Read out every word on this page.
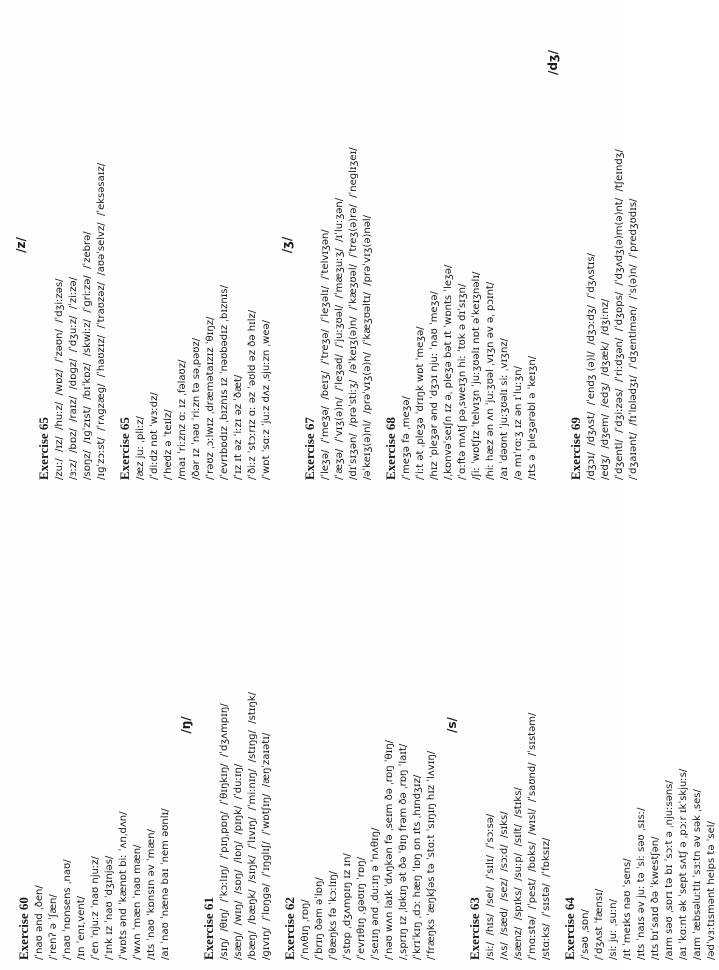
Exercise 60 /ˈnaʊ ənd ˌðen/ /ˈrenʔ ə ˈʃæn/ /ˈnaʊ ˈnɒnsens ˌnaʊ/ /ɪn ˈenɪˌvent/ /ˈen ˈnjuːz ˈnaʊ njuːz/ /ˈɪnk ɪz ˈnaʊ ˈdʒɪnjəs/ /ˈwɒts ənd ˈkænɒt biː ˈʌnˌdʌn/ /ˈwʌn ˈmæn ˈnaʊ mæn/ /ɪts ˈnaʊ ˈkɒnsɪn əv ˈmæn/ /aɪ ˈnaʊ ˈnænə baɪ ˈnem əʊnlɪ/
/ŋ/
Exercise 61 /sɪŋ/  /θɪŋ/  /ˈkɔːlɪŋ/  /ˈpɪŋˌpɒŋ/  /ˈθɪŋkɪŋ/  /ˈdʒʌmpɪŋ/
/sæŋ/  /wɪŋ/  /sɒŋ/  /lɒŋ/  /pɪŋk/  /ˈduːɪŋ/
/bæŋ/  /bæŋk/  /sɪŋk/  /ˈlɪvɪŋ/  /ˈmiːnɪŋ/  /stɪŋɡ/  /stɪŋk/
/ɡɪvɪŋ/  /ˈlɒŋɡə/  /ˈɪŋɡlɪʃ/  /ˈwɒtʃɪŋ/  /æŋˈzaɪətɪ/
Exercise 62 /ˈnʌθɪŋ ˌrɒŋ/ /ˈbrɪŋ ðəm əˈlɒŋ/ /ˈθæŋks fə ˈkɔːlɪŋ/ /ˈstɒp ˌdʒʌmpɪŋ ɪz ɪn/ /ˈevrɪθɪŋ ˌɡəʊɪŋ ˈrɒŋ/ /ˈseɪɪŋ ənd ˌduːɪŋ ə ˈnʌθɪŋ/ /ˈnəʊ wʌn laɪk ˈdʌŋkən fə ˌseɪm ðə ˌrɒŋ ˈθɪŋ/ /ˌsprɪŋ ɪz ˌlʊkɪŋ ət ðə ˈθɪŋ frəm ðə ˌrɒŋ ˈlaɪt/ /ˈkrɪˈkɪŋ ˌdɔː hæŋ ˈlɒŋ ɒn ɪts ˌhɪndʒɪz/ /ˈfræŋks ˈæŋkʃəs tə ˈstɑːt ˈsɪŋɪŋ hɪz ˈlʌvɪŋ/
/s/
Exercise 63 /siː/  /hɪs/  /sel/  /ˈsɪlɪ/  /ˈsɔːsə/
/ʌs/  /sæd/  /sez/  /sɔːd/  /sɪks/
/sænz/  /spɪks/  /suːp/  /sɪlt/  /stɪks/
/ˈmɑːstə/  /ˈpest/  /bɒks/  /wɪsl/  /ˈsaʊnd/  /ˈsɪstəm/
/stɑːks/  /ˈsɪstə/  /ˈfɒksɪz/
Exercise 64 /ˈsəʊ ˌsɒn/ /ˈdʒʌst ˈfænsɪ/ /siː juː ˌsuːn/ /ɪt ˈmeɪks nəʊ ˈsens/ /ɪts ˈnaɪs əv juː tə ˈsiː səʊ ˌsɪsː/ /ɪts bɪˈsaɪd ðə ˈkwestʃən/ /aɪm səʊ ˌsɒrɪ tə bɪ ˈsɔːt ə ˌnjuːsəns/ /aɪ ˈkɑːnt ək ˈsept sʌtʃ ə ˌpɔːr ɪkˈskjuːs/ /aɪm ˈæbsəluːtlɪ ˈsɜːtn əv sək ˌses/ /ədˈvɜːtɪsmənt helps tə ˈsel/
/z/
Exercise 65 /zuː/  /ɪz/  /huːz/  /wɒz/  /ˈzəʊn/  /ˈdʒiːzəs/
/ɜːz/  /bɒz/  /raɪz/  /dɒɡz/  /ˈdʒuːz/  /ˈziːzə/
/sɒŋz/  /ɪɡˈzɪst/  /bɪˈkɒz/  /skwiːz/  /ˈɡriːzə/  /ˈzebrə/
/ɪɡˈzɔːst/  /ˈrʌɡzæɡ/  /ˈhaʊzɪz/  /ˈtraʊzəz/  /aʊəˈselvz/  /ˈeksəsaɪz/
Exercise 65 /æz juː ˌpliːz/ /ˈdiːdz nɒt ˈwɜːdz/ /ˈhedz ə ˈteɪlz/ /maɪ ˈriːznz ɑː ɪz ˌfəlaʊz/ /ðər ɪz ˈnəʊ ˈriːzn tə səˌpəʊz/ /ˈrəʊz ˌɔːlwɪz ˌdræmətaɪzɪz ˈθɪŋz/ /ˈevrɪbɒdɪz ˌbɪznɪs ɪz ˈnəʊbədɪz ˌbɪznɪs/ /ˈɪz ɪt əz ˈiːzɪ əz ˈðæt/ /ˈðiːz ˈstɔːrɪz ɑː əz ˈəʊld əz ðə hɪlz/ /ˈwɒt ˈsɑːz ˈjuːz dʌz ˌsjuːzn ˌweə/
/ʒ/
Exercise 67 /ˈleʒə/  /ˈmeʒə/  /beɪʒ/  /ˈtreʒə/  /ˈleʒəlɪ/  /ˈtelvɪʒən/
/ˈæʒə/  /ˈvɪʒ(ə)n/  /ˈleʒəd/  /ˈjuːʒʊəl/  /ˈmæʒuːʒ/  /ɪˈluːʒən/
/dɪˈsɪʒən/  /prəˈstiːʒ/  /əˈkeɪʒ(ə)n/  /ˈkæʒʊəl/  /ˈtreʒ(ə)rə/  /ˈneɡlɪʒeɪ/
/əˈkeɪʒ(ə)nl/  /prəˈvɪʒ(ə)n/  /ˈkæʒʊəltɪ/  /prəˈvɪʒ(ə)nəl/
Exercise 68 /ˈmeʒə fə ˌmeʒə/ /ˈiːt ət ˌpleʒə ˈdrɪŋk wɒt ˈmeʒə/ /hɪz ˈpleʒər ənd ˈdʒɔɪ njuː ˈnaʊ ˈmeʒə/ /ˌkɒnvəˈseɪʃn ɪz əˌ pleʒə bət ɪt ˈwɒnts ˈleʒə/ /ˈɑːftə mʌtʃ pəˌsweɪʒn hiː ˈtʊk ə dɪˈsɪʒn/ /ʃiː ˈwɒtʃɪz ˈtelvɪʒn ˈjuːʒʊəlɪ nɒt əˈkeɪʒnəlɪ/ /hiː hæz ən ʌn ˈjuːʒʊəl ˌvɪʒn əv əˌ pɔɪnt/ /aɪ ˈdəʊnt ˈjuːʒʊəlɪ siː ˌvɪʒnz/ /ə mɪˈrɑːʒ ɪz ən ɪˈluːʒn/ /ɪts ə ˈpleʒərəbl ə ˈkeɪʒn/
/dʒ/
Exercise 69 /dʒɔɪ/  /dʒʌst/  /ˈendʒ (ə)l/  /dʒɔːdʒ/  /ˈdʒʌstɪs/
/edʒ/  /dʒem/  /edʒ/  /dʒæk/  /dʒiːnz/
/ˈdʒentl/  /ˈdʒiːzəs/  /ˈriːdʒən/  /ˈdʒɒps/  /ˈdʒʌdʒ(ə)m(ə)nt/  /tʃeɪndʒ/
/ˈdʒaɪənt/  /fɪˈlɒlədʒɪ/  /ˈdʒentlmən/  /ˈs(ə)n/  /ˈpredʒʊdɪs/
